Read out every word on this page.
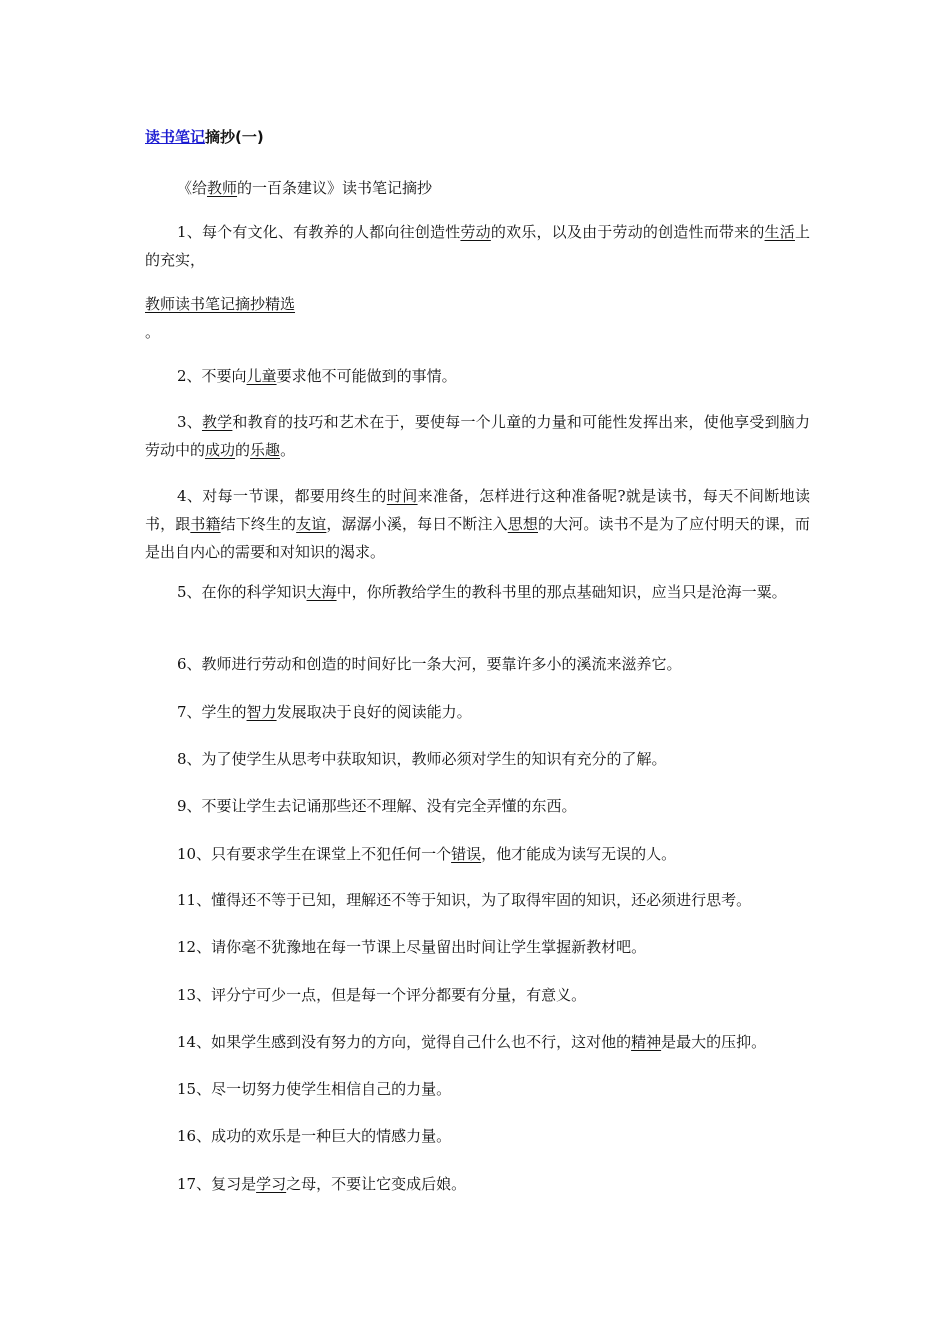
读书笔记摘抄(一)
《给教师的一百条建议》读书笔记摘抄
1、每个有文化、有教养的人都向往创造性劳动的欢乐，以及由于劳动的创造性而带来的生活上的充实，
教师读书笔记摘抄精选
。
2、不要向儿童要求他不可能做到的事情。
3、教学和教育的技巧和艺术在于，要使每一个儿童的力量和可能性发挥出来，使他享受到脑力劳动中的成功的乐趣。
4、对每一节课，都要用终生的时间来准备，怎样进行这种准备呢?就是读书，每天不间断地读书，跟书籍结下终生的友谊，潺潺小溪，每日不断注入思想的大河。读书不是为了应付明天的课，而是出自内心的需要和对知识的渴求。
5、在你的科学知识大海中，你所教给学生的教科书里的那点基础知识，应当只是沧海一粟。
6、教师进行劳动和创造的时间好比一条大河，要靠许多小的溪流来滋养它。
7、学生的智力发展取决于良好的阅读能力。
8、为了使学生从思考中获取知识，教师必须对学生的知识有充分的了解。
9、不要让学生去记诵那些还不理解、没有完全弄懂的东西。
10、只有要求学生在课堂上不犯任何一个错误，他才能成为读写无误的人。
11、懂得还不等于已知，理解还不等于知识，为了取得牢固的知识，还必须进行思考。
12、请你毫不犹豫地在每一节课上尽量留出时间让学生掌握新教材吧。
13、评分宁可少一点，但是每一个评分都要有分量，有意义。
14、如果学生感到没有努力的方向，觉得自己什么也不行，这对他的精神是最大的压抑。
15、尽一切努力使学生相信自己的力量。
16、成功的欢乐是一种巨大的情感力量。
17、复习是学习之母，不要让它变成后娘。
